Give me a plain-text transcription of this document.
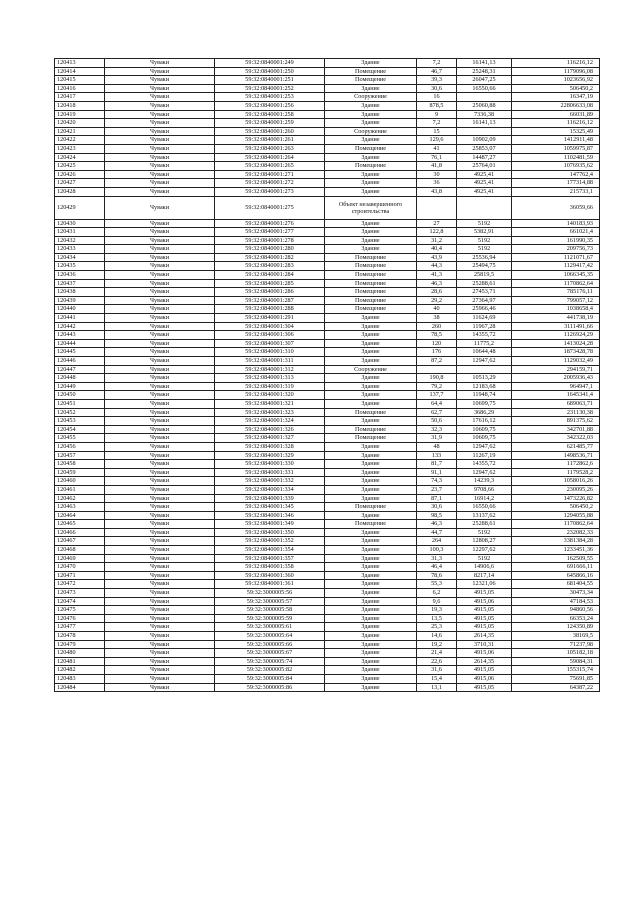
120413	Чуваки	59:32:0840001:249	Здание	7,2	16141,13	116216,12
120414	Чуваки	59:32:0840001:250	Помещение	46,7	25248,31	1179096,08
120415	Чуваки	59:32:0840001:251	Помещение	39,3	26047,25	1023656,92
120416	Чуваки	59:32:0840001:252	Здание	30,6	16550,66	506450,2
120417	Чуваки	59:32:0840001:253	Сооружение	16		16347,19
120418	Чуваки	59:32:0840001:256	Здание	878,5	25060,88	22806633,08
120419	Чуваки	59:32:0840001:258	Здание	9	7336,38	66031,89
120420	Чуваки	59:32:0840001:259	Здание	7,2	16141,13	116216,12
120421	Чуваки	59:32:0840001:260	Сооружение	15		15325,49
120422	Чуваки	59:32:0840001:261	Здание	129,6	10902,09	1412911,48
120423	Чуваки	59:32:0840001:263	Помещение	41	25853,07	1059975,87
120424	Чуваки	59:32:0840001:264	Здание	76,1	14487,27	1102481,59
120425	Чуваки	59:32:0840001:265	Помещение	41,8	25764,01	1076935,62
120426	Чуваки	59:32:0840001:271	Здание	30	4925,41	147762,4
120427	Чуваки	59:32:0840001:272	Здание	36	4925,41	177314,88
120428	Чуваки	59:32:0840001:273	Здание	43,8	4925,41	215733,1
120429	Чуваки	59:32:0840001:275	Объект незавершенного строительства			36059,66
120430	Чуваки	59:32:0840001:276	Здание	27	5192	140183,93
120431	Чуваки	59:32:0840001:277	Здание	122,8	5382,91	661021,4
120432	Чуваки	59:32:0840001:278	Здание	31,2	5192	161990,35
120433	Чуваки	59:32:0840001:280	Здание	40,4	5192	209756,73
120434	Чуваки	59:32:0840001:282	Помещение	43,9	25536,94	1121071,67
120435	Чуваки	59:32:0840001:283	Помещение	44,3	25494,75	1129417,42
120436	Чуваки	59:32:0840001:284	Помещение	41,3	25819,5	1066345,35
120437	Чуваки	59:32:0840001:285	Помещение	46,3	25288,61	1170862,64
120438	Чуваки	59:32:0840001:286	Помещение	28,6	27453,71	785176,11
120439	Чуваки	59:32:0840001:287	Помещение	29,2	27364,97	799057,12
120440	Чуваки	59:32:0840001:288	Помещение	40	25966,46	1038658,4
120441	Чуваки	59:32:0840001:291	Здание	38	11624,69	441738,19
120442	Чуваки	59:32:0840001:304	Здание	260	11967,28	3111491,66
120443	Чуваки	59:32:0840001:306	Здание	78,5	14355,72	1126924,29
120444	Чуваки	59:32:0840001:307	Здание	120	11775,2	1413024,28
120445	Чуваки	59:32:0840001:310	Здание	176	10644,48	1873428,78
120446	Чуваки	59:32:0840001:311	Здание	87,2	12947,62	1129032,49
120447	Чуваки	59:32:0840001:312	Сооружение			294159,71
120448	Чуваки	59:32:0840001:313	Здание	190,8	10513,29	2005936,43
120449	Чуваки	59:32:0840001:319	Здание	79,2	12183,68	964947,1
120450	Чуваки	59:32:0840001:320	Здание	137,7	11948,74	1645341,4
120451	Чуваки	59:32:0840001:321	Здание	64,4	10699,75	689063,71
120452	Чуваки	59:32:0840001:323	Помещение	62,7	3686,29	231130,38
120453	Чуваки	59:32:0840001:324	Здание	50,6	17616,12	891375,62
120454	Чуваки	59:32:0840001:326	Помещение	32,3	10609,75	342701,88
120455	Чуваки	59:32:0840001:327	Помещение	31,9	10609,75	342322,03
120456	Чуваки	59:32:0840001:328	Здание	48	12947,62	621485,77
120457	Чуваки	59:32:0840001:329	Здание	133	11267,19	1498536,71
120458	Чуваки	59:32:0840001:330	Здание	81,7	14355,72	1172862,6
120459	Чуваки	59:32:0840001:331	Здание	91,1	12947,62	1179528,2
120460	Чуваки	59:32:0840001:332	Здание	74,3	14239,3	1058016,26
120461	Чуваки	59:32:0840001:334	Здание	23,7	9708,66	230095,26
120462	Чуваки	59:32:0840001:339	Здание	87,1	16914,2	1473226,82
120463	Чуваки	59:32:0840001:345	Помещение	30,6	16550,66	506450,2
120464	Чуваки	59:32:0840001:346	Здание	98,5	13137,62	1294055,88
120465	Чуваки	59:32:0840001:349	Помещение	46,3	25288,61	1170862,64
120466	Чуваки	59:32:0840001:350	Здание	44,7	5192	232082,33
120467	Чуваки	59:32:0840001:352	Здание	264	12808,27	3381384,28
120468	Чуваки	59:32:0840001:354	Здание	100,3	12297,62	1233451,36
120469	Чуваки	59:32:0840001:357	Здание	31,3	5192	162509,55
120470	Чуваки	59:32:0840001:358	Здание	46,4	14906,6	691666,11
120471	Чуваки	59:32:0840001:360	Здание	78,6	8217,14	645866,16
120472	Чуваки	59:32:0840001:361	Здание	55,3	12321,06	681404,55
120473	Чуваки	59:32:3000005:56	Здание	6,2	4915,05	30473,34
120474	Чуваки	59:32:3000005:57	Здание	9,6	4915,06	47184,53
120475	Чуваки	59:32:3000005:58	Здание	19,3	4915,05	94860,56
120476	Чуваки	59:32:3000005:59	Здание	13,5	4915,05	66353,24
120477	Чуваки	59:32:3000005:61	Здание	25,3	4915,05	124350,89
120478	Чуваки	59:32:3000005:64	Здание	14,6	2614,35	38169,5
120479	Чуваки	59:32:3000005:66	Здание	19,2	3710,31	71237,98
120480	Чуваки	59:32:3000005:67	Здание	21,4	4915,06	105182,18
120481	Чуваки	59:32:3000005:74	Здание	22,6	2614,35	59084,31
120482	Чуваки	59:32:3000005:82	Здание	31,6	4915,05	155315,74
120483	Чуваки	59:32:3000005:84	Здание	15,4	4915,06	75691,85
120484	Чуваки	59:32:3000005:86	Здание	13,1	4915,05	64387,22
